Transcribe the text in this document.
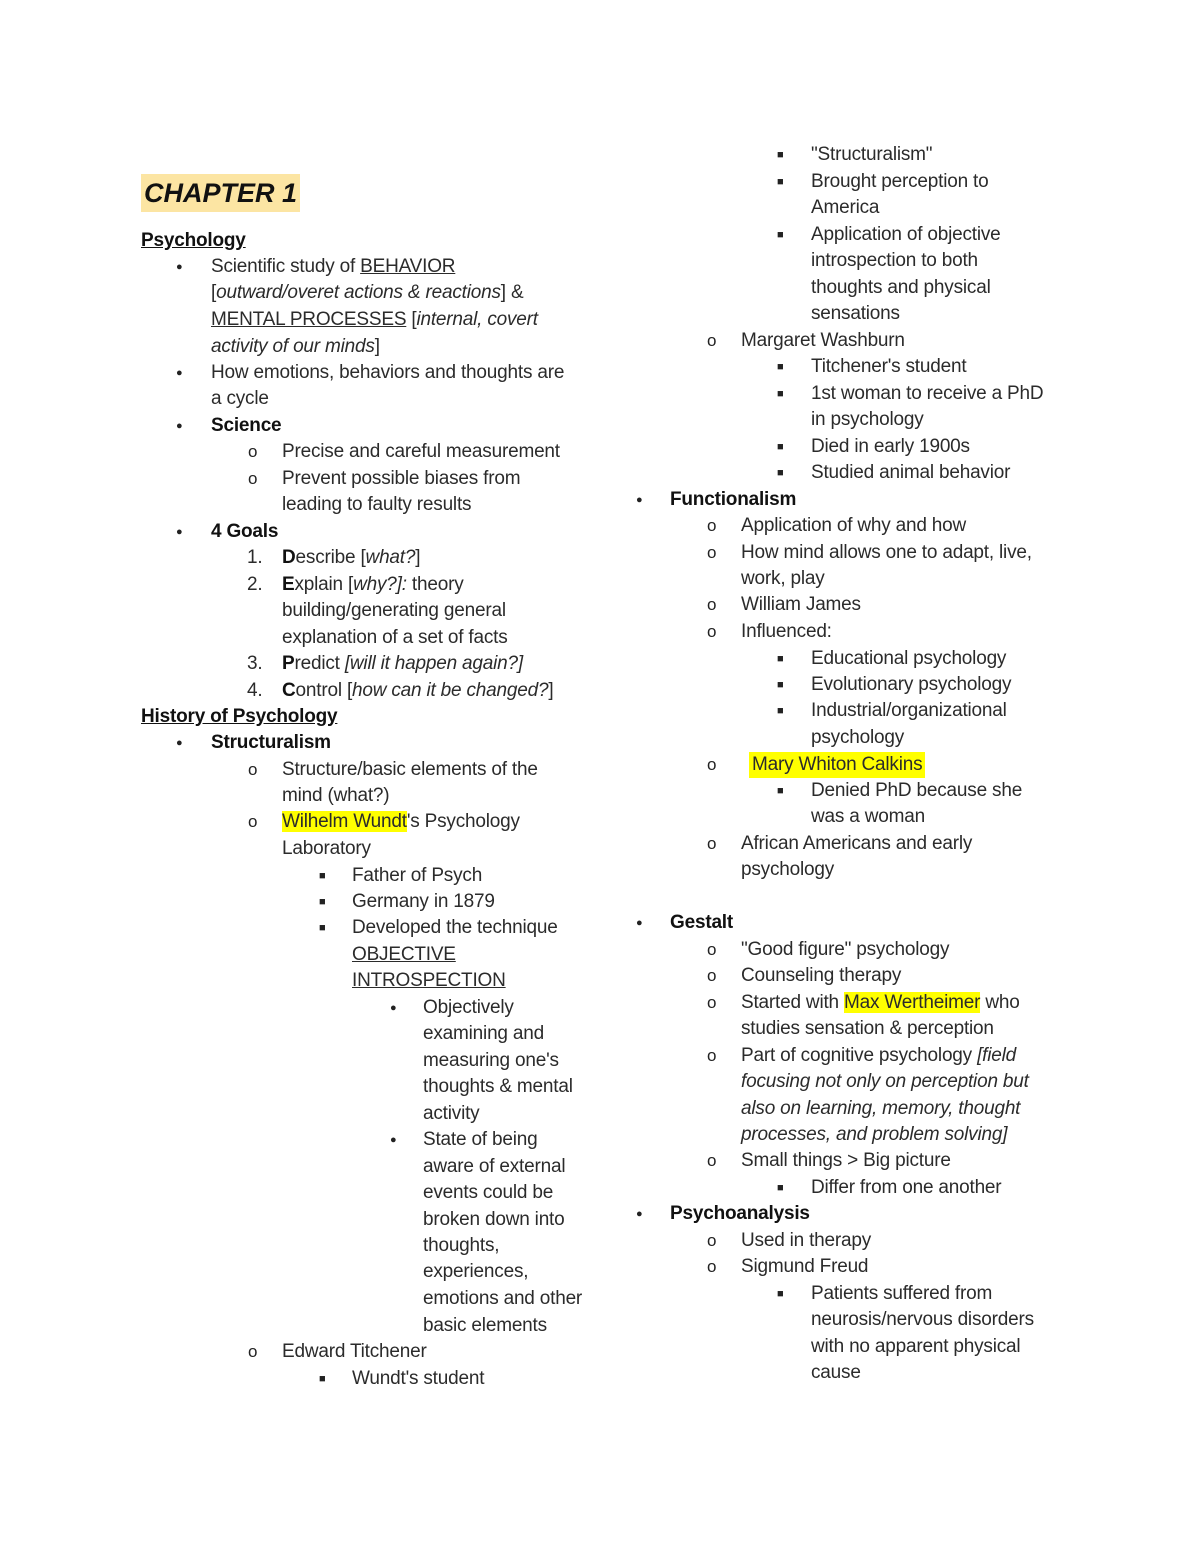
CHAPTER 1
Psychology
●
Scientific study of BEHAVIOR
[outward/overet actions & reactions] &
MENTAL PROCESSES [internal, covert
activity of our minds]
●
How emotions, behaviors and thoughts are
a cycle
●
Science
o
Precise and careful measurement
o
Prevent possible biases from
leading to faulty results
●
4 Goals
1. Describe [what?]
2. Explain [why?]: theory
building/generating general
explanation of a set of facts
3. Predict [will it happen again?]
4. Control [how can it be changed?]
History of Psychology
●
Structuralism
o
Structure/basic elements of the
mind (what?)
o
Wilhelm Wundt's Psychology
Laboratory
■
Father of Psych
■
Germany in 1879
■
Developed the technique
OBJECTIVE
INTROSPECTION
●
Objectively
examining and
measuring one's
thoughts & mental
activity
●
State of being
aware of external
events could be
broken down into
thoughts,
experiences,
emotions and other
basic elements
o
Edward Titchener
■
Wundt's student
■
"Structuralism"
■
Brought perception to
America
■
Application of objective
introspection to both
thoughts and physical
sensations
o
Margaret Washburn
■
Titchener's student
■
1st woman to receive a PhD
in psychology
■
Died in early 1900s
■
Studied animal behavior
●
Functionalism
o
Application of why and how
o
How mind allows one to adapt, live,
work, play
o
William James
o
Influenced:
■
Educational psychology
■
Evolutionary psychology
■
Industrial/organizational
psychology
o
Mary Whiton Calkins
■
Denied PhD because she
was a woman
o
African Americans and early
psychology
●
Gestalt
o
"Good figure" psychology
o
Counseling therapy
o
Started with Max Wertheimer who
studies sensation & perception
o
Part of cognitive psychology [field
focusing not only on perception but
also on learning, memory, thought
processes, and problem solving]
o
Small things > Big picture
■
Differ from one another
●
Psychoanalysis
o
Used in therapy
o
Sigmund Freud
■
Patients suffered from
neurosis/nervous disorders
with no apparent physical
cause
